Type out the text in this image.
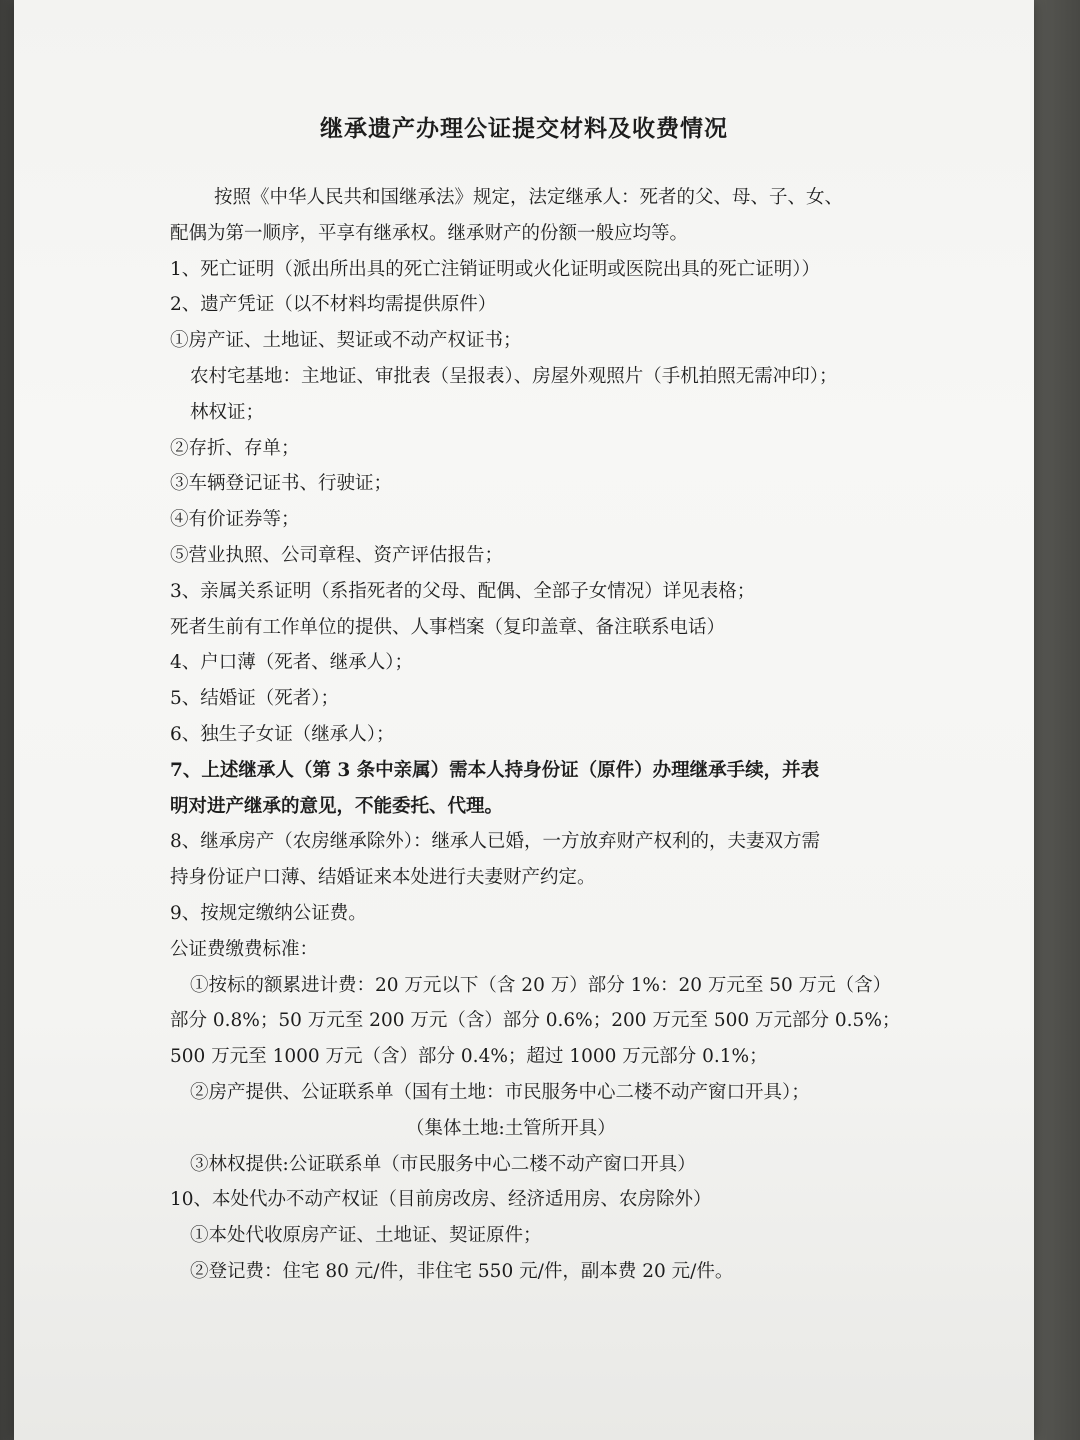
继承遗产办理公证提交材料及收费情况
按照《中华人民共和国继承法》规定，法定继承人：死者的父、母、子、女、
配偶为第一顺序，平享有继承权。继承财产的份额一般应均等。
1、死亡证明（派出所出具的死亡注销证明或火化证明或医院出具的死亡证明））
2、遗产凭证（以不材料均需提供原件）
①房产证、土地证、契证或不动产权证书；
农村宅基地：主地证、审批表（呈报表）、房屋外观照片（手机拍照无需冲印）；
林权证；
②存折、存单；
③车辆登记证书、行驶证；
④有价证券等；
⑤营业执照、公司章程、资产评估报告；
3、亲属关系证明（系指死者的父母、配偶、全部子女情况）详见表格；
死者生前有工作单位的提供、人事档案（复印盖章、备注联系电话）
4、户口薄（死者、继承人）；
5、结婚证（死者）；
6、独生子女证（继承人）；
7、上述继承人（第 3 条中亲属）需本人持身份证（原件）办理继承手续，并表
明对进产继承的意见，不能委托、代理。
8、继承房产（农房继承除外）：继承人已婚，一方放弃财产权利的，夫妻双方需
持身份证户口薄、结婚证来本处进行夫妻财产约定。
9、按规定缴纳公证费。
公证费缴费标准：
①按标的额累进计费：20 万元以下（含 20 万）部分 1%：20 万元至 50 万元（含）
部分 0.8%；50 万元至 200 万元（含）部分 0.6%；200 万元至 500 万元部分 0.5%；
500 万元至 1000 万元（含）部分 0.4%；超过 1000 万元部分 0.1%；
②房产提供、公证联系单（国有土地：市民服务中心二楼不动产窗口开具）；
（集体土地:土管所开具）
③林权提供:公证联系单（市民服务中心二楼不动产窗口开具）
10、本处代办不动产权证（目前房改房、经济适用房、农房除外）
①本处代收原房产证、土地证、契证原件；
②登记费：住宅 80 元/件，非住宅 550 元/件，副本费 20 元/件。
